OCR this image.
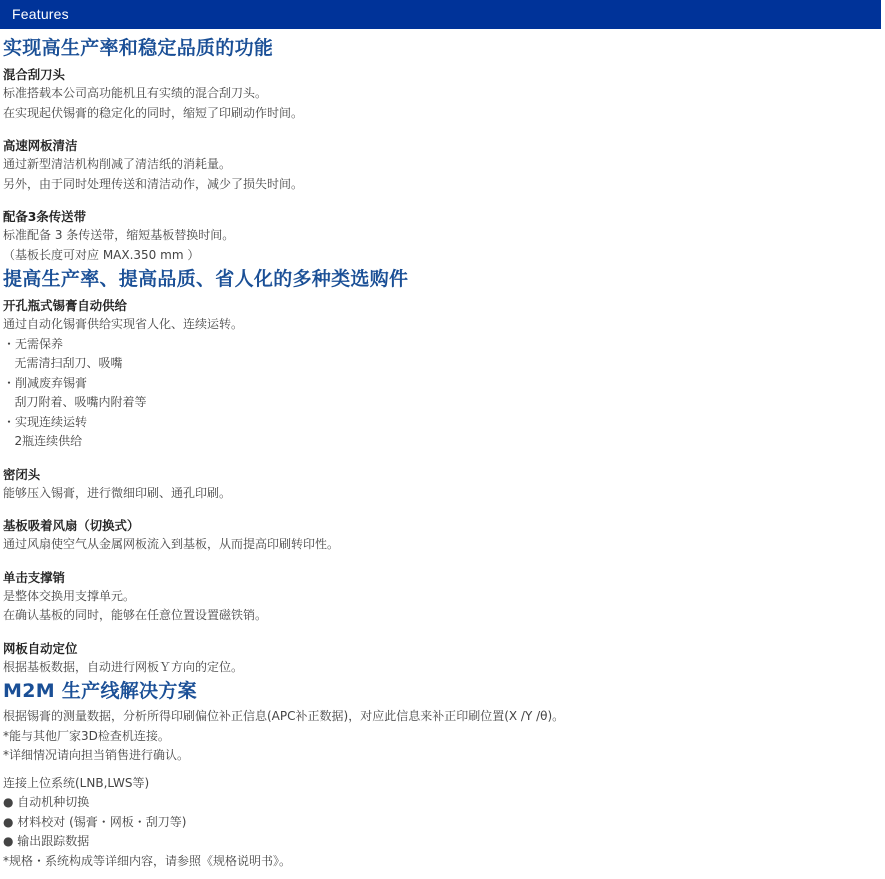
Features
实现高生产率和稳定品质的功能

混合刮刀头

标准搭载本公司高功能机且有实绩的混合刮刀头。

在实现起伏锡膏的稳定化的同时，缩短了印刷动作时间。

高速网板清洁

通过新型清洁机构削减了清洁纸的消耗量。

另外，由于同时处理传送和清洁动作，减少了损失时间。

配备3条传送带

标准配备 3 条传送带，缩短基板替换时间。

（基板长度可对应 MAX.350 mm ）

提高生产率、提高品质、省人化的多种类选购件

开孔瓶式锡膏自动供给

通过自动化锡膏供给实现省人化、连续运转。

・无需保养

无需清扫刮刀、吸嘴

・削减废弃锡膏

刮刀附着、吸嘴内附着等

・实现连续运转

2瓶连续供给

密闭头

能够压入锡膏，进行微细印刷、通孔印刷。

基板吸着风扇（切换式）

通过风扇使空气从金属网板流入到基板，从而提高印刷转印性。

单击支撑销

是整体交换用支撑单元。

在确认基板的同时，能够在任意位置设置磁铁销。

网板自动定位

根据基板数据，自动进行网板Ｙ方向的定位。

M2M 生产线解决方案

根据锡膏的测量数据，分析所得印刷偏位补正信息(APC补正数据)，对应此信息来补正印刷位置(X /Y /θ)。

*能与其他厂家3D检查机连接。

*详细情况请向担当销售进行确认。

连接上位系统(LNB,LWS等)

● 自动机种切换

● 材料校对 (锡膏・网板・刮刀等)

● 输出跟踪数据

*规格・系统构成等详细内容，请参照《规格说明书》。
